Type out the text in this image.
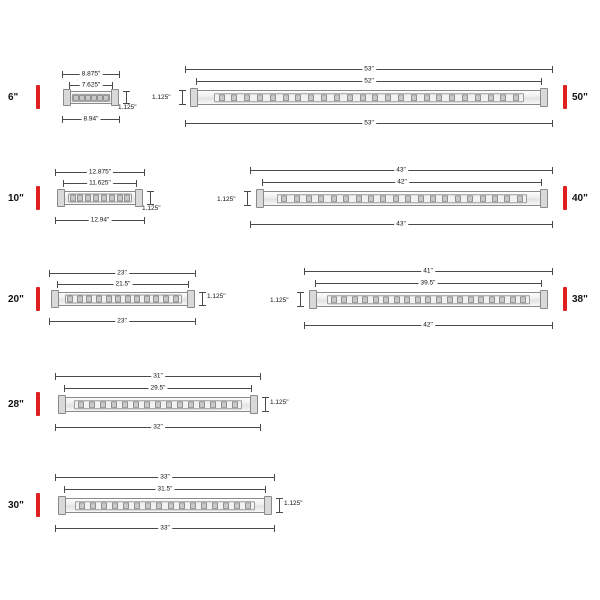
6"
8.875"
7.625"
1.125"
8.94"
50"
53"
52"
1.125"
53"
10"
12.875"
11.625"
1.125"
12.94"
40"
43"
42"
1.125"
43"
20"
23"
21.5"
1.125"
23"
38"
41"
39.5"
1.125"
42"
28"
31"
29.5"
1.125"
32"
30"
33"
31.5"
1.125"
33"
